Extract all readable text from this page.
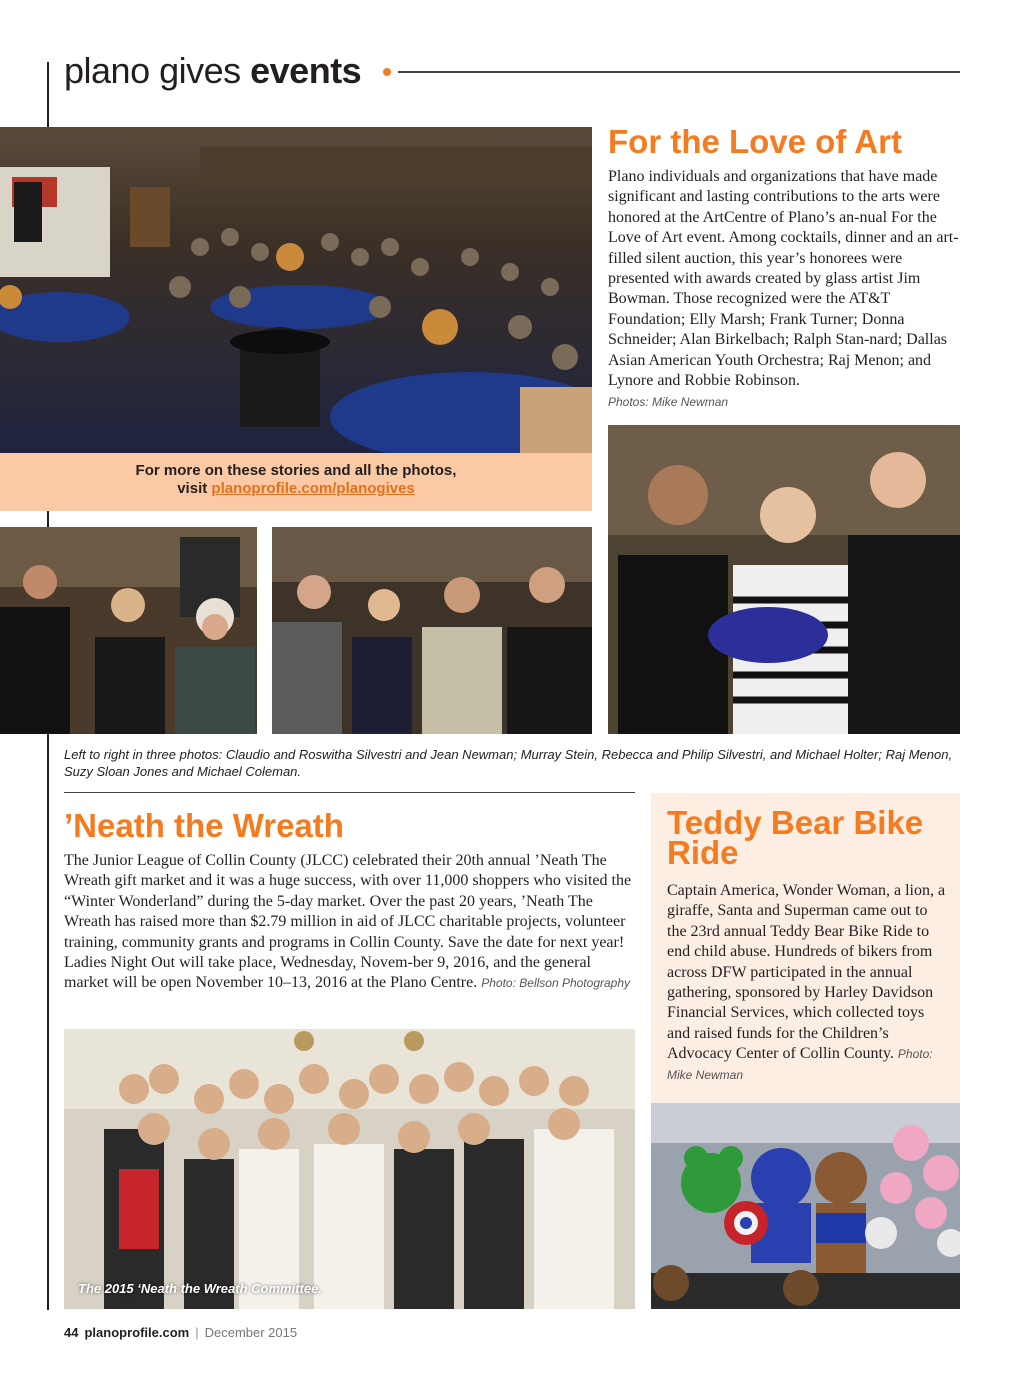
plano gives events
For more on these stories and all the photos,
visit planoprofile.com/planogives
For the Love of Art
Plano individuals and organizations that have made significant and lasting contributions to the arts were honored at the ArtCentre of Plano’s an-nual For the Love of Art event. Among cocktails, dinner and an art-filled silent auction, this year’s honorees were presented with awards created by glass artist Jim Bowman. Those recognized were the AT&T Foundation; Elly Marsh; Frank Turner; Donna Schneider; Alan Birkelbach; Ralph Stan-nard; Dallas Asian American Youth Orchestra; Raj Menon; and Lynore and Robbie Robinson.
Photos: Mike Newman
Left to right in three photos: Claudio and Roswitha Silvestri and Jean Newman; Murray Stein, Rebecca and Philip Silvestri, and Michael Holter; Raj Menon, Suzy Sloan Jones and Michael Coleman.
’Neath the Wreath
The Junior League of Collin County (JLCC) celebrated their 20th annual ’Neath The Wreath gift market and it was a huge success, with over 11,000 shoppers who visited the “Winter Wonderland” during the 5-day market. Over the past 20 years, ’Neath The Wreath has raised more than $2.79 million in aid of JLCC charitable projects, volunteer training, community grants and programs in Collin County. Save the date for next year! Ladies Night Out will take place, Wednesday, Novem-ber 9, 2016, and the general market will be open November 10–13, 2016 at the Plano Centre. Photo: Bellson Photography
The 2015 ‘Neath the Wreath Committee.
Teddy Bear Bike Ride
Captain America, Wonder Woman, a lion, a giraffe, Santa and Superman came out to the 23rd annual Teddy Bear Bike Ride to end child abuse. Hundreds of bikers from across DFW participated in the annual gathering, sponsored by Harley Davidson Financial Services, which collected toys and raised funds for the Children’s Advocacy Center of Collin County. Photo: Mike Newman
44 planoprofile.com | December 2015
